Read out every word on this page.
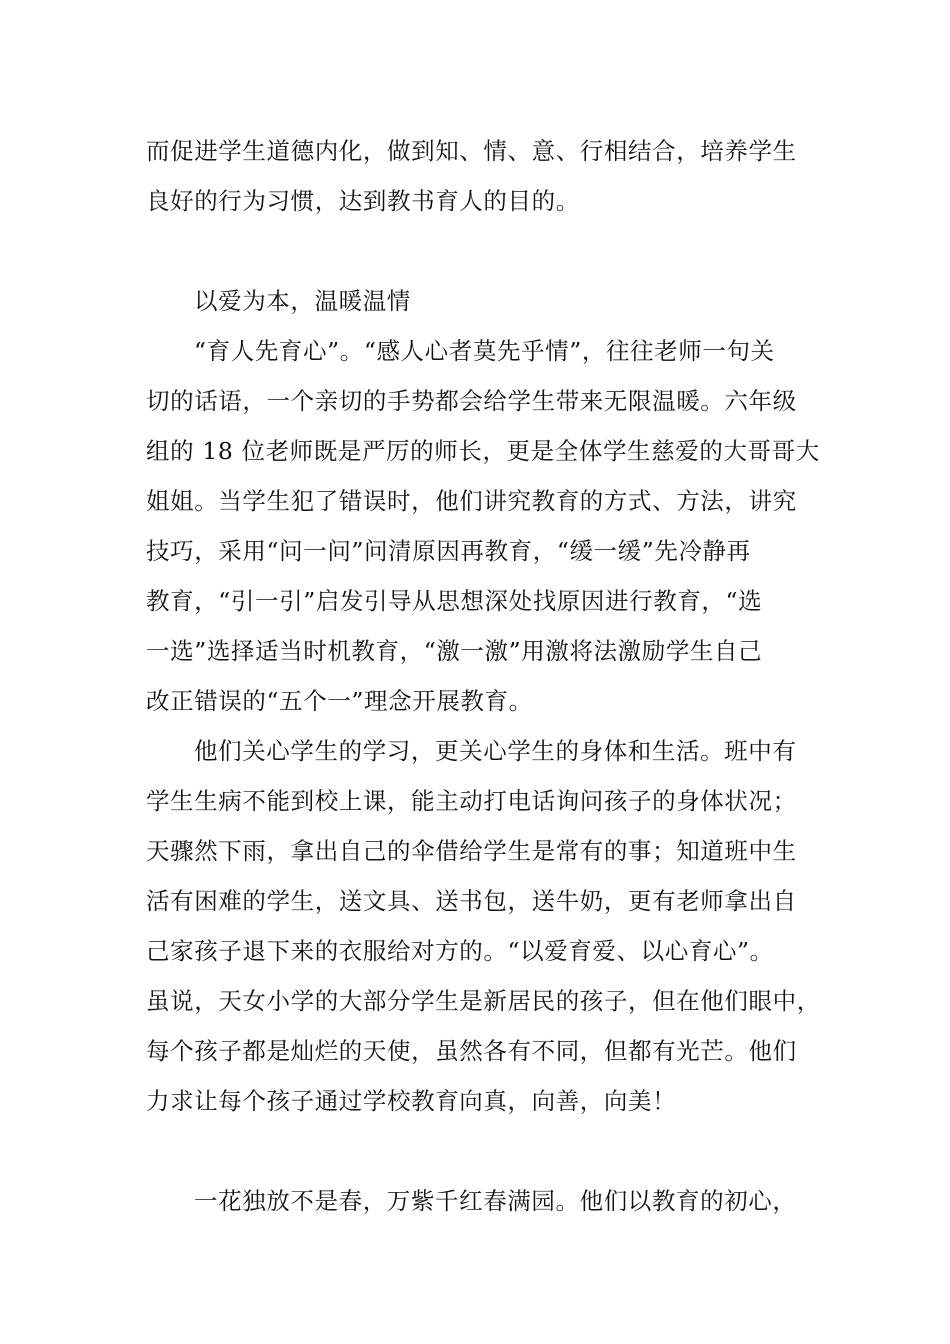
而促进学生道德内化，做到知、情、意、行相结合，培养学生

良好的行为习惯，达到教书育人的目的。

以爱为本，温暖温情

“育人先育心”。“感人心者莫先乎情”，往往老师一句关

切的话语，一个亲切的手势都会给学生带来无限温暖。六年级

组的 18 位老师既是严厉的师长，更是全体学生慈爱的大哥哥大

姐姐。当学生犯了错误时，他们讲究教育的方式、方法，讲究

技巧，采用“问一问”问清原因再教育，“缓一缓”先冷静再

教育，“引一引”启发引导从思想深处找原因进行教育，“选

一选”选择适当时机教育，“激一激”用激将法激励学生自己

改正错误的“五个一”理念开展教育。

他们关心学生的学习，更关心学生的身体和生活。班中有

学生生病不能到校上课，能主动打电话询问孩子的身体状况；

天骤然下雨，拿出自己的伞借给学生是常有的事；知道班中生

活有困难的学生，送文具、送书包，送牛奶，更有老师拿出自

己家孩子退下来的衣服给对方的。“以爱育爱、以心育心”。

虽说，天女小学的大部分学生是新居民的孩子，但在他们眼中，

每个孩子都是灿烂的天使，虽然各有不同，但都有光芒。他们

力求让每个孩子通过学校教育向真，向善，向美！

一花独放不是春，万紫千红春满园。他们以教育的初心，
